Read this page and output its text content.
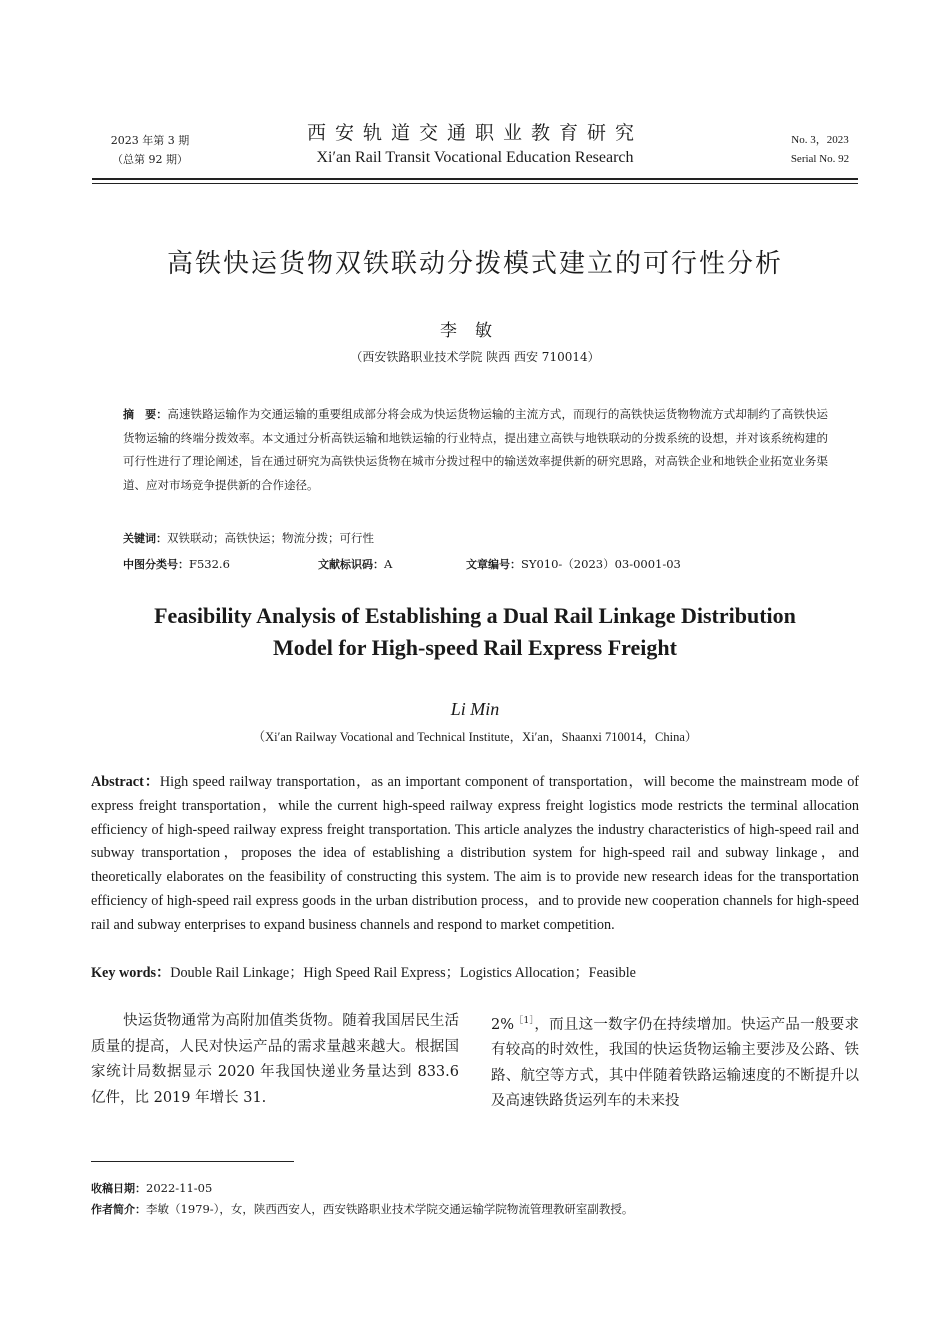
2023 年第 3 期
（总第 92 期）
西安轨道交通职业教育研究
Xi′an Rail Transit Vocational Education Research
No. 3，2023
Serial No. 92
高铁快运货物双铁联动分拨模式建立的可行性分析
李敏
（西安铁路职业技术学院 陕西 西安 710014）
摘　要：高速铁路运输作为交通运输的重要组成部分将会成为快运货物运输的主流方式，而现行的高铁快运货物物流方式却制约了高铁快运货物运输的终端分拨效率。本文通过分析高铁运输和地铁运输的行业特点，提出建立高铁与地铁联动的分拨系统的设想，并对该系统构建的可行性进行了理论阐述，旨在通过研究为高铁快运货物在城市分拨过程中的输送效率提供新的研究思路，对高铁企业和地铁企业拓宽业务渠道、应对市场竞争提供新的合作途径。
关键词：双铁联动；高铁快运；物流分拨；可行性
中图分类号：F532.6	文献标识码：A	文章编号：SY010-（2023）03-0001-03
Feasibility Analysis of Establishing a Dual Rail Linkage Distribution
Model for High-speed Rail Express Freight
Li Min
（Xi′an Railway Vocational and Technical Institute，Xi′an，Shaanxi 710014，China）
Abstract：High speed railway transportation，as an important component of transportation，will become the mainstream mode of express freight transportation，while the current high-speed railway express freight logistics mode restricts the terminal allocation efficiency of high-speed railway express freight transportation. This article analyzes the industry characteristics of high-speed rail and subway transportation，proposes the idea of establishing a distribution system for high-speed rail and subway linkage，and theoretically elaborates on the feasibility of constructing this system. The aim is to provide new research ideas for the transportation efficiency of high-speed rail express goods in the urban distribution process，and to provide new cooperation channels for high-speed rail and subway enterprises to expand business channels and respond to market competition.
Key words：Double Rail Linkage；High Speed Rail Express；Logistics Allocation；Feasible
快运货物通常为高附加值类货物。随着我国居民生活质量的提高，人民对快运产品的需求量越来越大。根据国家统计局数据显示 2020 年我国快递业务量达到 833.6 亿件，比 2019 年增长 31.
2%$^{[1]}$，而且这一数字仍在持续增加。快运产品一般要求有较高的时效性，我国的快运货物运输主要涉及公路、铁路、航空等方式，其中伴随着铁路运输速度的不断提升以及高速铁路货运列车的未来投
收稿日期：2022-11-05
作者简介：李敏（1979-），女，陕西西安人，西安铁路职业技术学院交通运输学院物流管理教研室副教授。
